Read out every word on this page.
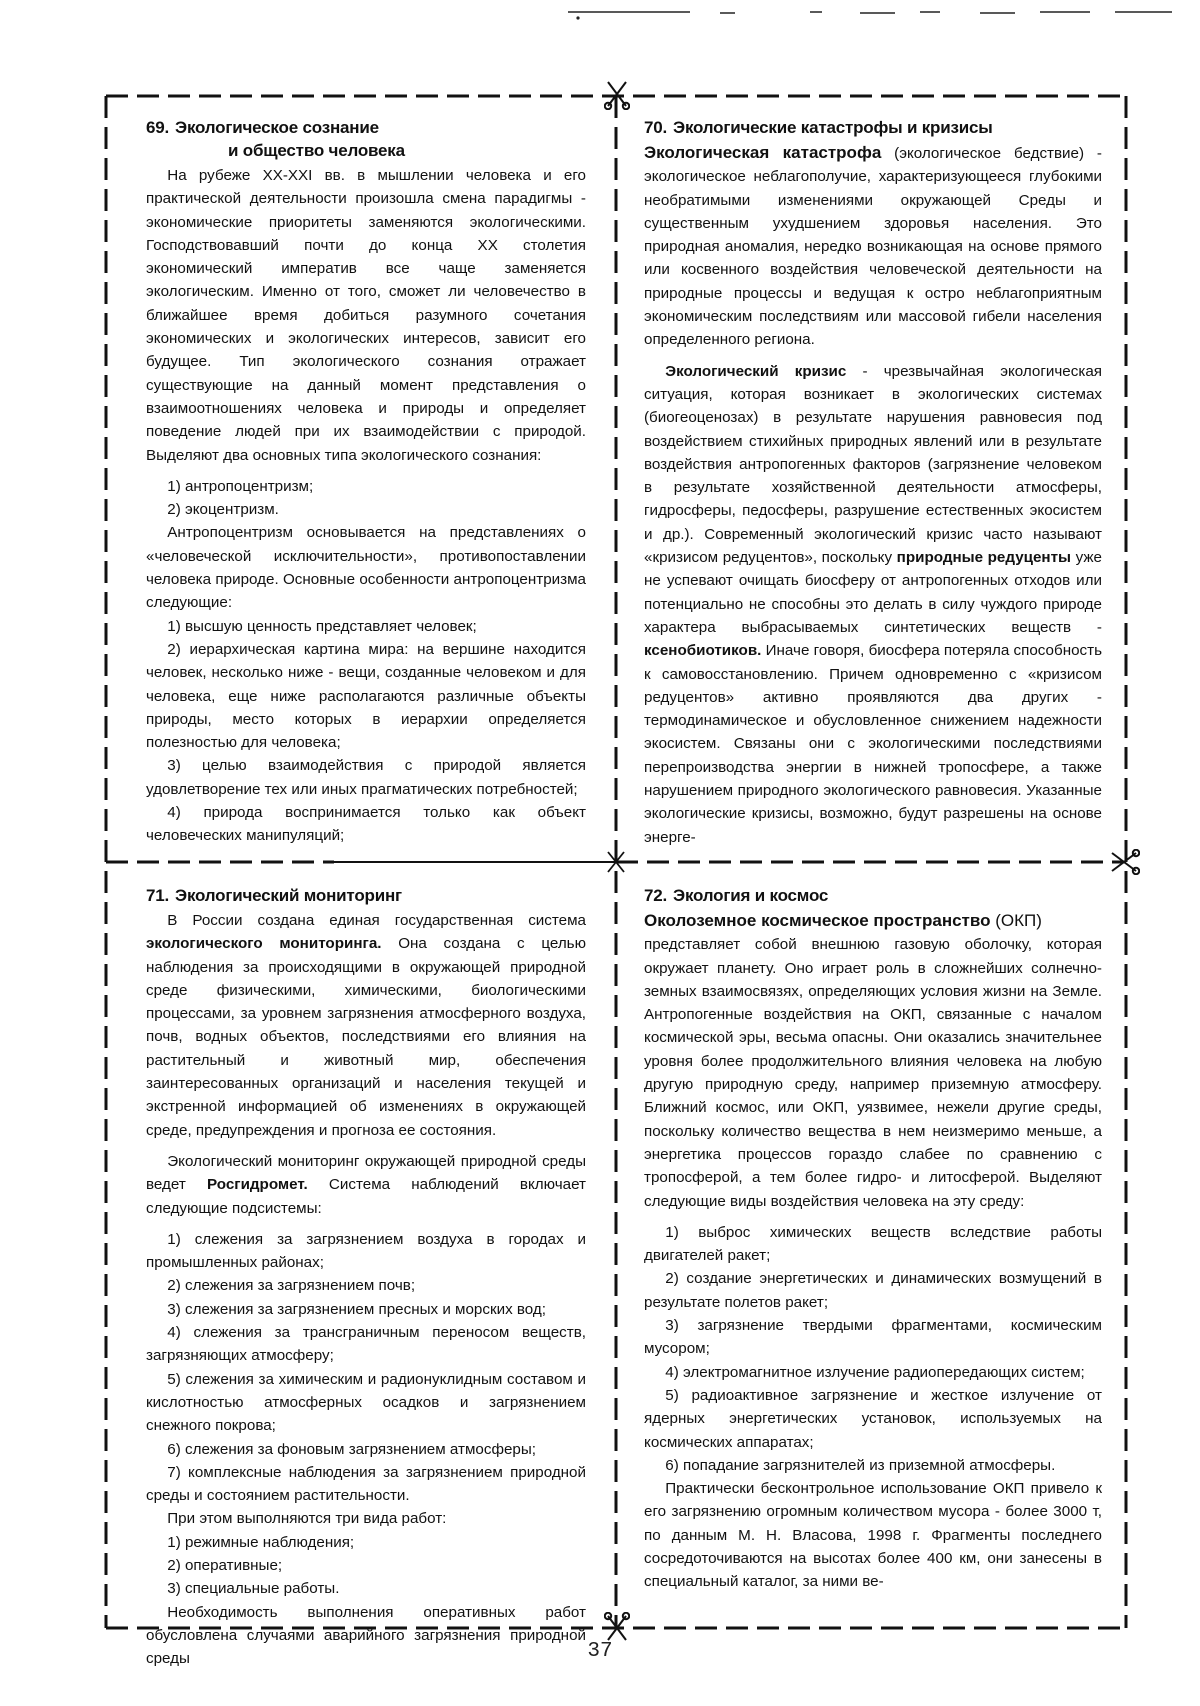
69. Экологическое сознание
и общество человека

На рубеже XX-XXI вв. в мышлении человека и его практической деятельности произошла смена парадигмы - экономические приоритеты заменяются экологическими. Господствовавший почти до конца XX столетия экономический императив все чаще заменяется экологическим. Именно от того, сможет ли человечество в ближайшее время добиться разумного сочетания экономических и экологических интересов, зависит его будущее. Тип экологического сознания отражает существующие на данный момент представления о взаимоотношениях человека и природы и определяет поведение людей при их взаимодействии с природой. Выделяют два основных типа экологического сознания:

1) антропоцентризм;

2) экоцентризм.

Антропоцентризм основывается на представлениях о «человеческой исключительности», противопоставлении человека природе. Основные особенности антропоцентризма следующие:

1) высшую ценность представляет человек;

2) иерархическая картина мира: на вершине находится человек, несколько ниже - вещи, созданные человеком и для человека, еще ниже располагаются различные объекты природы, место которых в иерархии определяется полезностью для человека;

3) целью взаимодействия с природой является удовлетворение тех или иных прагматических потребностей;

4) природа воспринимается только как объект человеческих манипуляций;

70. Экологические катастрофы и кризисы

Экологическая катастрофа (экологическое бедствие) - экологическое неблагополучие, характеризующееся глубокими необратимыми изменениями окружающей Среды и существенным ухудшением здоровья населения. Это природная аномалия, нередко возникающая на основе прямого или косвенного воздействия человеческой деятельности на природные процессы и ведущая к остро неблагоприятным экономическим последствиям или массовой гибели населения определенного региона.

Экологический кризис - чрезвычайная экологическая ситуация, которая возникает в экологических системах (биогеоценозах) в результате нарушения равновесия под воздействием стихийных природных явлений или в результате воздействия антропогенных факторов (загрязнение человеком в результате хозяйственной деятельности атмосферы, гидросферы, педосферы, разрушение естественных экосистем и др.). Современный экологический кризис часто называют «кризисом редуцентов», поскольку природные редуценты уже не успевают очищать биосферу от антропогенных отходов или потенциально не способны это делать в силу чуждого природе характера выбрасываемых синтетических веществ - ксенобиотиков. Иначе говоря, биосфера потеряла способность к самовосстановлению. Причем одновременно с «кризисом редуцентов» активно проявляются два других - термодинамическое и обусловленное снижением надежности экосистем. Связаны они с экологическими последствиями перепроизводства энергии в нижней тропосфере, а также нарушением природного экологического равновесия. Указанные экологические кризисы, возможно, будут разрешены на основе энерге-

71. Экологический мониторинг

В России создана единая государственная система экологического мониторинга. Она создана с целью наблюдения за происходящими в окружающей природной среде физическими, химическими, биологическими процессами, за уровнем загрязнения атмосферного воздуха, почв, водных объектов, последствиями его влияния на растительный и животный мир, обеспечения заинтересованных организаций и населения текущей и экстренной информацией об изменениях в окружающей среде, предупреждения и прогноза ее состояния.

Экологический мониторинг окружающей природной среды ведет Росгидромет. Система наблюдений включает следующие подсистемы:

1) слежения за загрязнением воздуха в городах и промышленных районах;

2) слежения за загрязнением почв;

3) слежения за загрязнением пресных и морских вод;

4) слежения за трансграничным переносом веществ, загрязняющих атмосферу;

5) слежения за химическим и радионуклидным составом и кислотностью атмосферных осадков и загрязнением снежного покрова;

6) слежения за фоновым загрязнением атмосферы;

7) комплексные наблюдения за загрязнением природной среды и состоянием растительности.

При этом выполняются три вида работ:

1) режимные наблюдения;

2) оперативные;

3) специальные работы.

Необходимость выполнения оперативных работ обусловлена случаями аварийного загрязнения природной среды

72. Экология и космос

Околоземное космическое пространство (ОКП)

представляет собой внешнюю газовую оболочку, которая окружает планету. Оно играет роль в сложнейших солнечно-земных взаимосвязях, определяющих условия жизни на Земле. Антропогенные воздействия на ОКП, связанные с началом космической эры, весьма опасны. Они оказались значительнее уровня более продолжительного влияния человека на любую другую природную среду, например приземную атмосферу. Ближний космос, или ОКП, уязвимее, нежели другие среды, поскольку количество вещества в нем неизмеримо меньше, а энергетика процессов гораздо слабее по сравнению с тропосферой, а тем более гидро- и литосферой. Выделяют следующие виды воздействия человека на эту среду:

1) выброс химических веществ вследствие работы двигателей ракет;

2) создание энергетических и динамических возмущений в результате полетов ракет;

3) загрязнение твердыми фрагментами, космическим мусором;

4) электромагнитное излучение радиопередающих систем;

5) радиоактивное загрязнение и жесткое излучение от ядерных энергетических установок, используемых на космических аппаратах;

6) попадание загрязнителей из приземной атмосферы.

Практически бесконтрольное использование ОКП привело к его загрязнению огромным количеством мусора - более 3000 т, по данным М. Н. Власова, 1998 г. Фрагменты последнего сосредоточиваются на высотах более 400 км, они занесены в специальный каталог, за ними ве-

37
